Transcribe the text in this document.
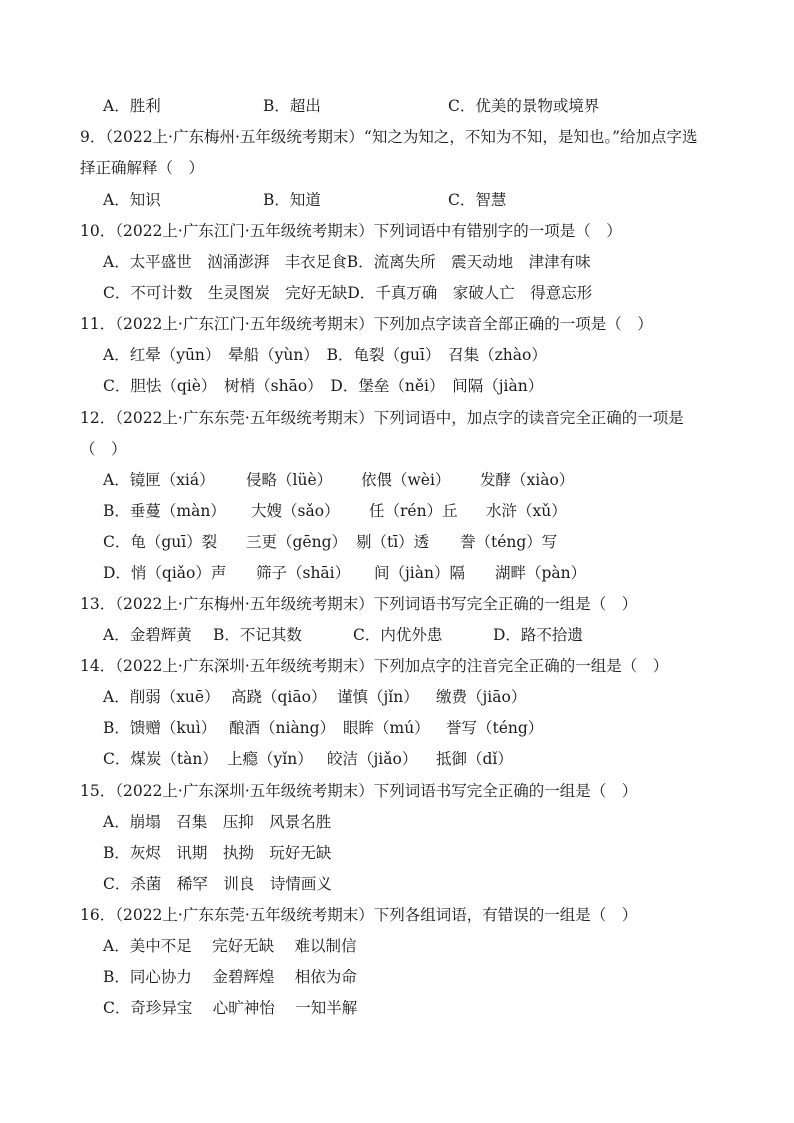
A．胜利	B．超出	C．优美的景物或境界
9．（2022上·广东梅州·五年级统考期末）“知之为知之，不知为不知，是知也。”给加点字选
择正确解释（　）
A．知识	B．知道	C．智慧
10．（2022上·广东江门·五年级统考期末）下列词语中有错别字的一项是（　）
A．太平盛世　汹涌澎湃　丰衣足食B．流离失所　震天动地　津津有味
C．不可计数　生灵图炭　完好无缺D．千真万确　家破人亡　得意忘形
11．（2022上·广东江门·五年级统考期末）下列加点字读音全部正确的一项是（　）
A．红晕（yūn）　晕船（yùn）　B．龟裂（guī）　召集（zhào）
C．胆怯（qiè）　树梢（shāo）　D．堡垒（něi）　间隔（jiàn）
12．（2022上·广东东莞·五年级统考期末）下列词语中，加点字的读音完全正确的一项是
（　）
A．镜匣（xiá） 侵略（lüè） 依偎（wèi） 发酵（xiào）
B．垂蔓（màn） 大嫂（sǎo） 任（rén）丘 水浒（xǔ）
C．龟（guī）裂 三更（gēng） 剔（tī）透 誊（téng）写
D．悄（qiǎo）声 筛子（shāi） 间（jiàn）隔 湖畔（pàn）
13．（2022上·广东梅州·五年级统考期末）下列词语书写完全正确的一组是（　）
A．金碧辉黄 B．不记其数	C．内优外患	D．路不拾遗
14．（2022上·广东深圳·五年级统考期末）下列加点字的注音完全正确的一组是（　）
A．削弱（xuē） 高跷（qiāo） 谨慎（jǐn） 缴费（jiāo）
B．馈赠（kuì） 酿酒（niàng） 眼眸（mú） 誉写（téng）
C．煤炭（tàn） 上瘾（yǐn） 皎洁（jiǎo） 抵御（dǐ）
15．（2022上·广东深圳·五年级统考期末）下列词语书写完全正确的一组是（　）
A．崩塌　召集　压抑　风景名胜
B．灰烬　讯期　执拗　玩好无缺
C．杀菌　稀罕　训良　诗情画义
16．（2022上·广东东莞·五年级统考期末）下列各组词语，有错误的一组是（　）
A．美中不足　 完好无缺　 难以制信
B．同心协力　 金碧辉煌　 相依为命
C．奇珍异宝　 心旷神怡　 一知半解
